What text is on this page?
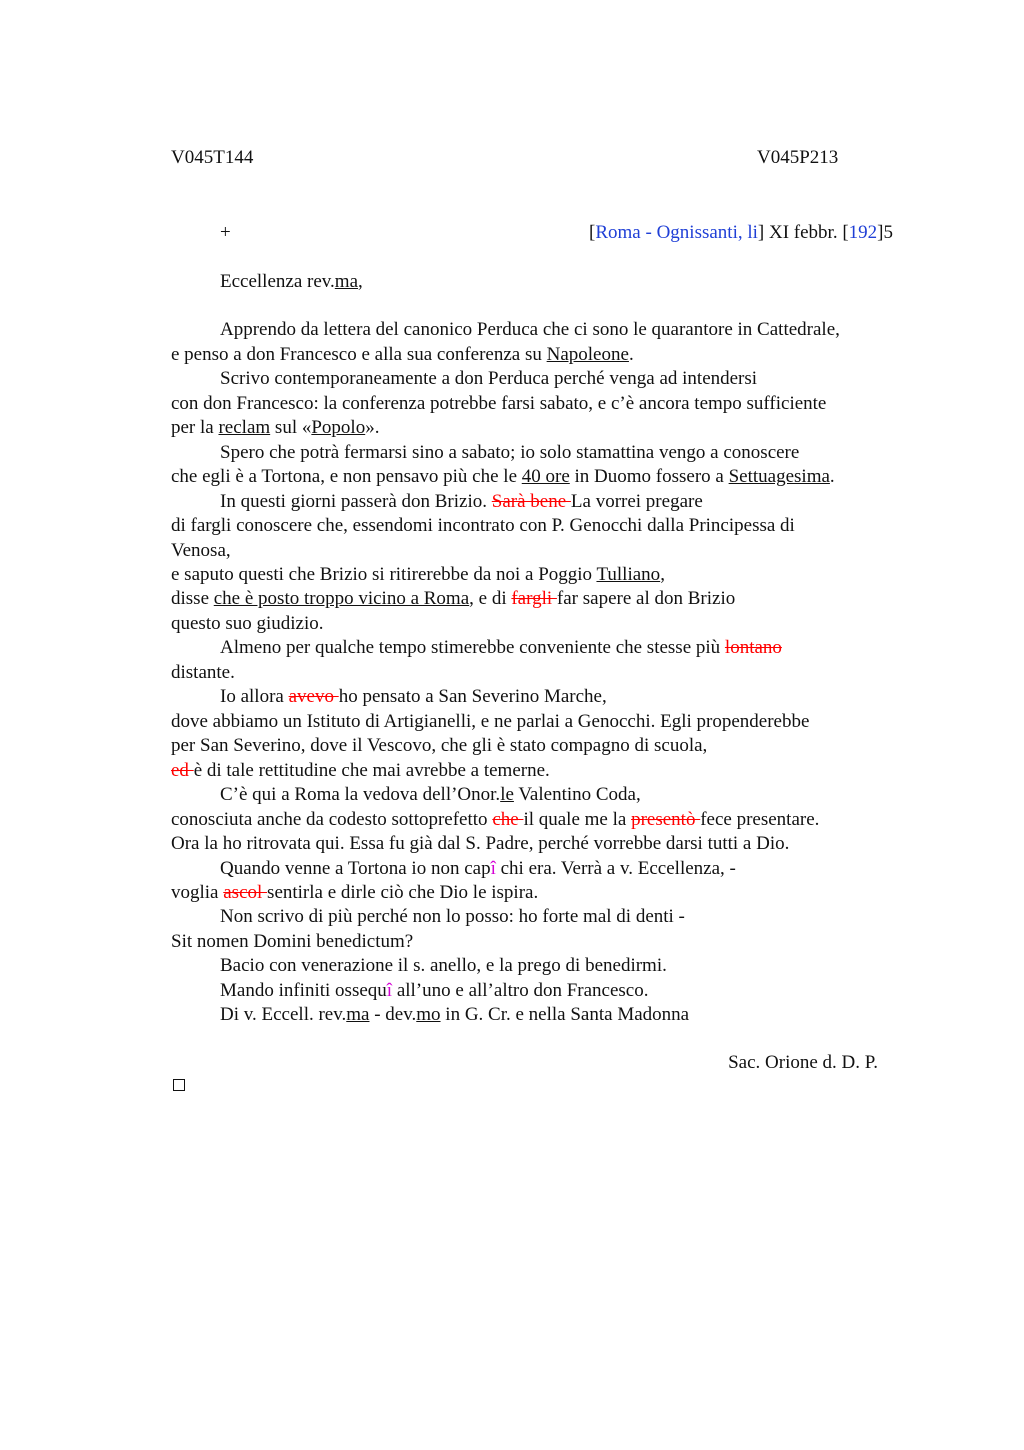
V045T144	V045P213
+	[Roma - Ognissanti, li] XI febbr. [192]5
Eccellenza rev.ma,
Apprendo da lettera del canonico Perduca che ci sono le quarantore in Cattedrale,
e penso a don Francesco e alla sua conferenza su Napoleone.
Scrivo contemporaneamente a don Perduca perché venga ad intendersi
con don Francesco: la conferenza potrebbe farsi sabato, e c’è ancora tempo sufficiente
per la reclam sul «Popolo».
Spero che potrà fermarsi sino a sabato; io solo stamattina vengo a conoscere
che egli è a Tortona, e non pensavo più che le 40 ore in Duomo fossero a Settuagesima.
In questi giorni passerà don Brizio. Sarà bene La vorrei pregare
di fargli conoscere che, essendomi incontrato con P. Genocchi dalla Principessa di
Venosa,
e saputo questi che Brizio si ritirerebbe da noi a Poggio Tulliano,
disse che è posto troppo vicino a Roma, e di fargli far sapere al don Brizio
questo suo giudizio.
Almeno per qualche tempo stimerebbe conveniente che stesse più lontano
distante.
Io allora avevo ho pensato a San Severino Marche,
dove abbiamo un Istituto di Artigianelli, e ne parlai a Genocchi. Egli propenderebbe
per San Severino, dove il Vescovo, che gli è stato compagno di scuola,
ed è di tale rettitudine che mai avrebbe a temerne.
C’è qui a Roma la vedova dell’Onor.le Valentino Coda,
conosciuta anche da codesto sottoprefetto che il quale me la presentò fece presentare.
Ora la ho ritrovata qui. Essa fu già dal S. Padre, perché vorrebbe darsi tutti a Dio.
Quando venne a Tortona io non capî chi era. Verrà a v. Eccellenza, -
voglia ascol sentirla e dirle ciò che Dio le ispira.
Non scrivo di più perché non lo posso: ho forte mal di denti -
Sit nomen Domini benedictum?
Bacio con venerazione il s. anello, e la prego di benedirmi.
Mando infiniti ossequî all’uno e all’altro don Francesco.
Di v. Eccell. rev.ma - dev.mo in G. Cr. e nella Santa Madonna
Sac. Orione d. D. P.
